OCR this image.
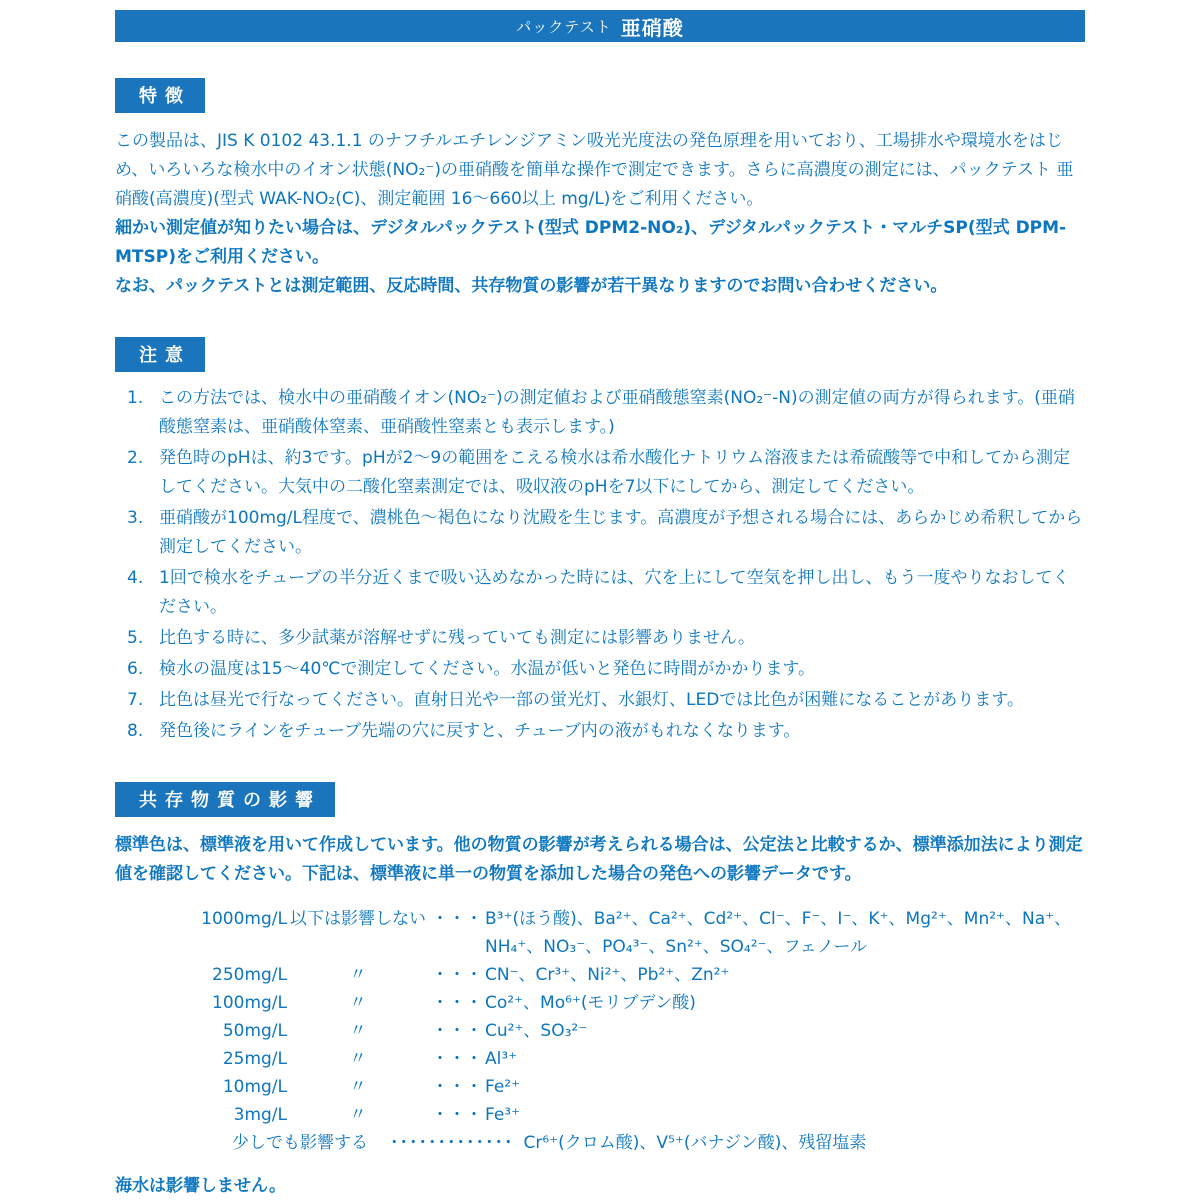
パックテスト 亜硝酸
特徴

この製品は、JIS K 0102 43.1.1 のナフチルエチレンジアミン吸光光度法の発色原理を用いており、工場排水や環境水をはじめ、いろいろな検水中のイオン状態(NO₂⁻)の亜硝酸を簡単な操作で測定できます。さらに高濃度の測定には、パックテスト 亜硝酸(高濃度)(型式 WAK-NO₂(C)、測定範囲 16〜660以上 mg/L)をご利用ください。

細かい測定値が知りたい場合は、デジタルパックテスト(型式 DPM2-NO₂)、デジタルパックテスト・マルチSP(型式 DPM-MTSP)をご利用ください。

なお、パックテストとは測定範囲、反応時間、共存物質の影響が若干異なりますのでお問い合わせください。

注意
1. この方法では、検水中の亜硝酸イオン(NO₂⁻)の測定値および亜硝酸態窒素(NO₂⁻-N)の測定値の両方が得られます。(亜硝酸態窒素は、亜硝酸体窒素、亜硝酸性窒素とも表示します。)
2. 発色時のpHは、約3です。pHが2〜9の範囲をこえる検水は希水酸化ナトリウム溶液または希硫酸等で中和してから測定してください。大気中の二酸化窒素測定では、吸収液のpHを7以下にしてから、測定してください。
3. 亜硝酸が100mg/L程度で、濃桃色〜褐色になり沈殿を生じます。高濃度が予想される場合には、あらかじめ希釈してから測定してください。
4. 1回で検水をチューブの半分近くまで吸い込めなかった時には、穴を上にして空気を押し出し、もう一度やりなおしてください。
5. 比色する時に、多少試薬が溶解せずに残っていても測定には影響ありません。
6. 検水の温度は15〜40℃で測定してください。水温が低いと発色に時間がかかります。
7. 比色は昼光で行なってください。直射日光や一部の蛍光灯、水銀灯、LEDでは比色が困難になることがあります。
8. 発色後にラインをチューブ先端の穴に戻すと、チューブ内の液がもれなくなります。
共存物質の影響

標準色は、標準液を用いて作成しています。他の物質の影響が考えられる場合は、公定法と比較するか、標準添加法により測定値を確認してください。下記は、標準液に単一の物質を添加した場合の発色への影響データです。

1000mg/L 以下は影響しない ・・・ B³⁺(ほう酸)、Ba²⁺、Ca²⁺、Cd²⁺、Cl⁻、F⁻、I⁻、K⁺、Mg²⁺、Mn²⁺、Na⁺、NH₄⁺、NO₃⁻、PO₄³⁻、Sn²⁺、SO₄²⁻、フェノール
250mg/L	〃	・・・ CN⁻、Cr³⁺、Ni²⁺、Pb²⁺、Zn²⁺
100mg/L	〃	・・・ Co²⁺、Mo⁶⁺(モリブデン酸)
50mg/L	〃	・・・ Cu²⁺、SO₃²⁻
25mg/L	〃	・・・ Al³⁺
10mg/L	〃	・・・ Fe²⁺
3mg/L	〃	・・・ Fe³⁺
少しでも影響する ･････････････ Cr⁶⁺(クロム酸)、V⁵⁺(バナジン酸)、残留塩素

海水は影響しません。
